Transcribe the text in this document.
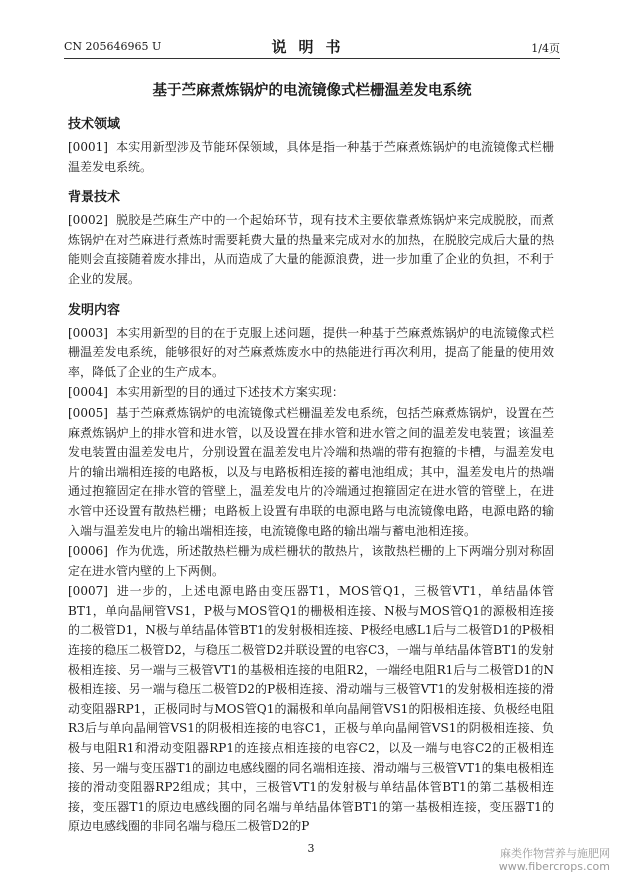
CN 205646965 U	说明书	1/4页
基于苎麻煮炼锅炉的电流镜像式栏栅温差发电系统
技术领域
[0001] 本实用新型涉及节能环保领域，具体是指一种基于苎麻煮炼锅炉的电流镜像式栏栅温差发电系统。
背景技术
[0002] 脱胶是苎麻生产中的一个起始环节，现有技术主要依靠煮炼锅炉来完成脱胶，而煮炼锅炉在对苎麻进行煮炼时需要耗费大量的热量来完成对水的加热，在脱胶完成后大量的热能则会直接随着废水排出，从而造成了大量的能源浪费，进一步加重了企业的负担，不利于企业的发展。
发明内容
[0003] 本实用新型的目的在于克服上述问题，提供一种基于苎麻煮炼锅炉的电流镜像式栏栅温差发电系统，能够很好的对苎麻煮炼废水中的热能进行再次利用，提高了能量的使用效率，降低了企业的生产成本。
[0004] 本实用新型的目的通过下述技术方案实现：
[0005] 基于苎麻煮炼锅炉的电流镜像式栏栅温差发电系统，包括苎麻煮炼锅炉，设置在苎麻煮炼锅炉上的排水管和进水管，以及设置在排水管和进水管之间的温差发电装置；该温差发电装置由温差发电片，分别设置在温差发电片冷端和热端的带有抱箍的卡槽，与温差发电片的输出端相连接的电路板，以及与电路板相连接的蓄电池组成；其中，温差发电片的热端通过抱箍固定在排水管的管壁上，温差发电片的冷端通过抱箍固定在进水管的管壁上，在进水管中还设置有散热栏栅；电路板上设置有串联的电源电路与电流镜像电路，电源电路的输入端与温差发电片的输出端相连接，电流镜像电路的输出端与蓄电池相连接。
[0006] 作为优选，所述散热栏栅为成栏栅状的散热片，该散热栏栅的上下两端分别对称固定在进水管内壁的上下两侧。
[0007] 进一步的，上述电源电路由变压器T1，MOS管Q1，三极管VT1，单结晶体管BT1，单向晶闸管VS1，P极与MOS管Q1的栅极相连接、N极与MOS管Q1的源极相连接的二极管D1，N极与单结晶体管BT1的发射极相连接、P极经电感L1后与二极管D1的P极相连接的稳压二极管D2，与稳压二极管D2并联设置的电容C3，一端与单结晶体管BT1的发射极相连接、另一端与三极管VT1的基极相连接的电阻R2，一端经电阻R1后与二极管D1的N极相连接、另一端与稳压二极管D2的P极相连接、滑动端与三极管VT1的发射极相连接的滑动变阻器RP1，正极同时与MOS管Q1的漏极和单向晶闸管VS1的阳极相连接、负极经电阻R3后与单向晶闸管VS1的阴极相连接的电容C1，正极与单向晶闸管VS1的阴极相连接、负极与电阻R1和滑动变阻器RP1的连接点相连接的电容C2，以及一端与电容C2的正极相连接、另一端与变压器T1的副边电感线圈的同名端相连接、滑动端与三极管VT1的集电极相连接的滑动变阻器RP2组成；其中，三极管VT1的发射极与单结晶体管BT1的第二基极相连接，变压器T1的原边电感线圈的同名端与单结晶体管BT1的第一基极相连接，变压器T1的原边电感线圈的非同名端与稳压二极管D2的P
3	麻类作物营养与施肥网
www.fibercrops.com
